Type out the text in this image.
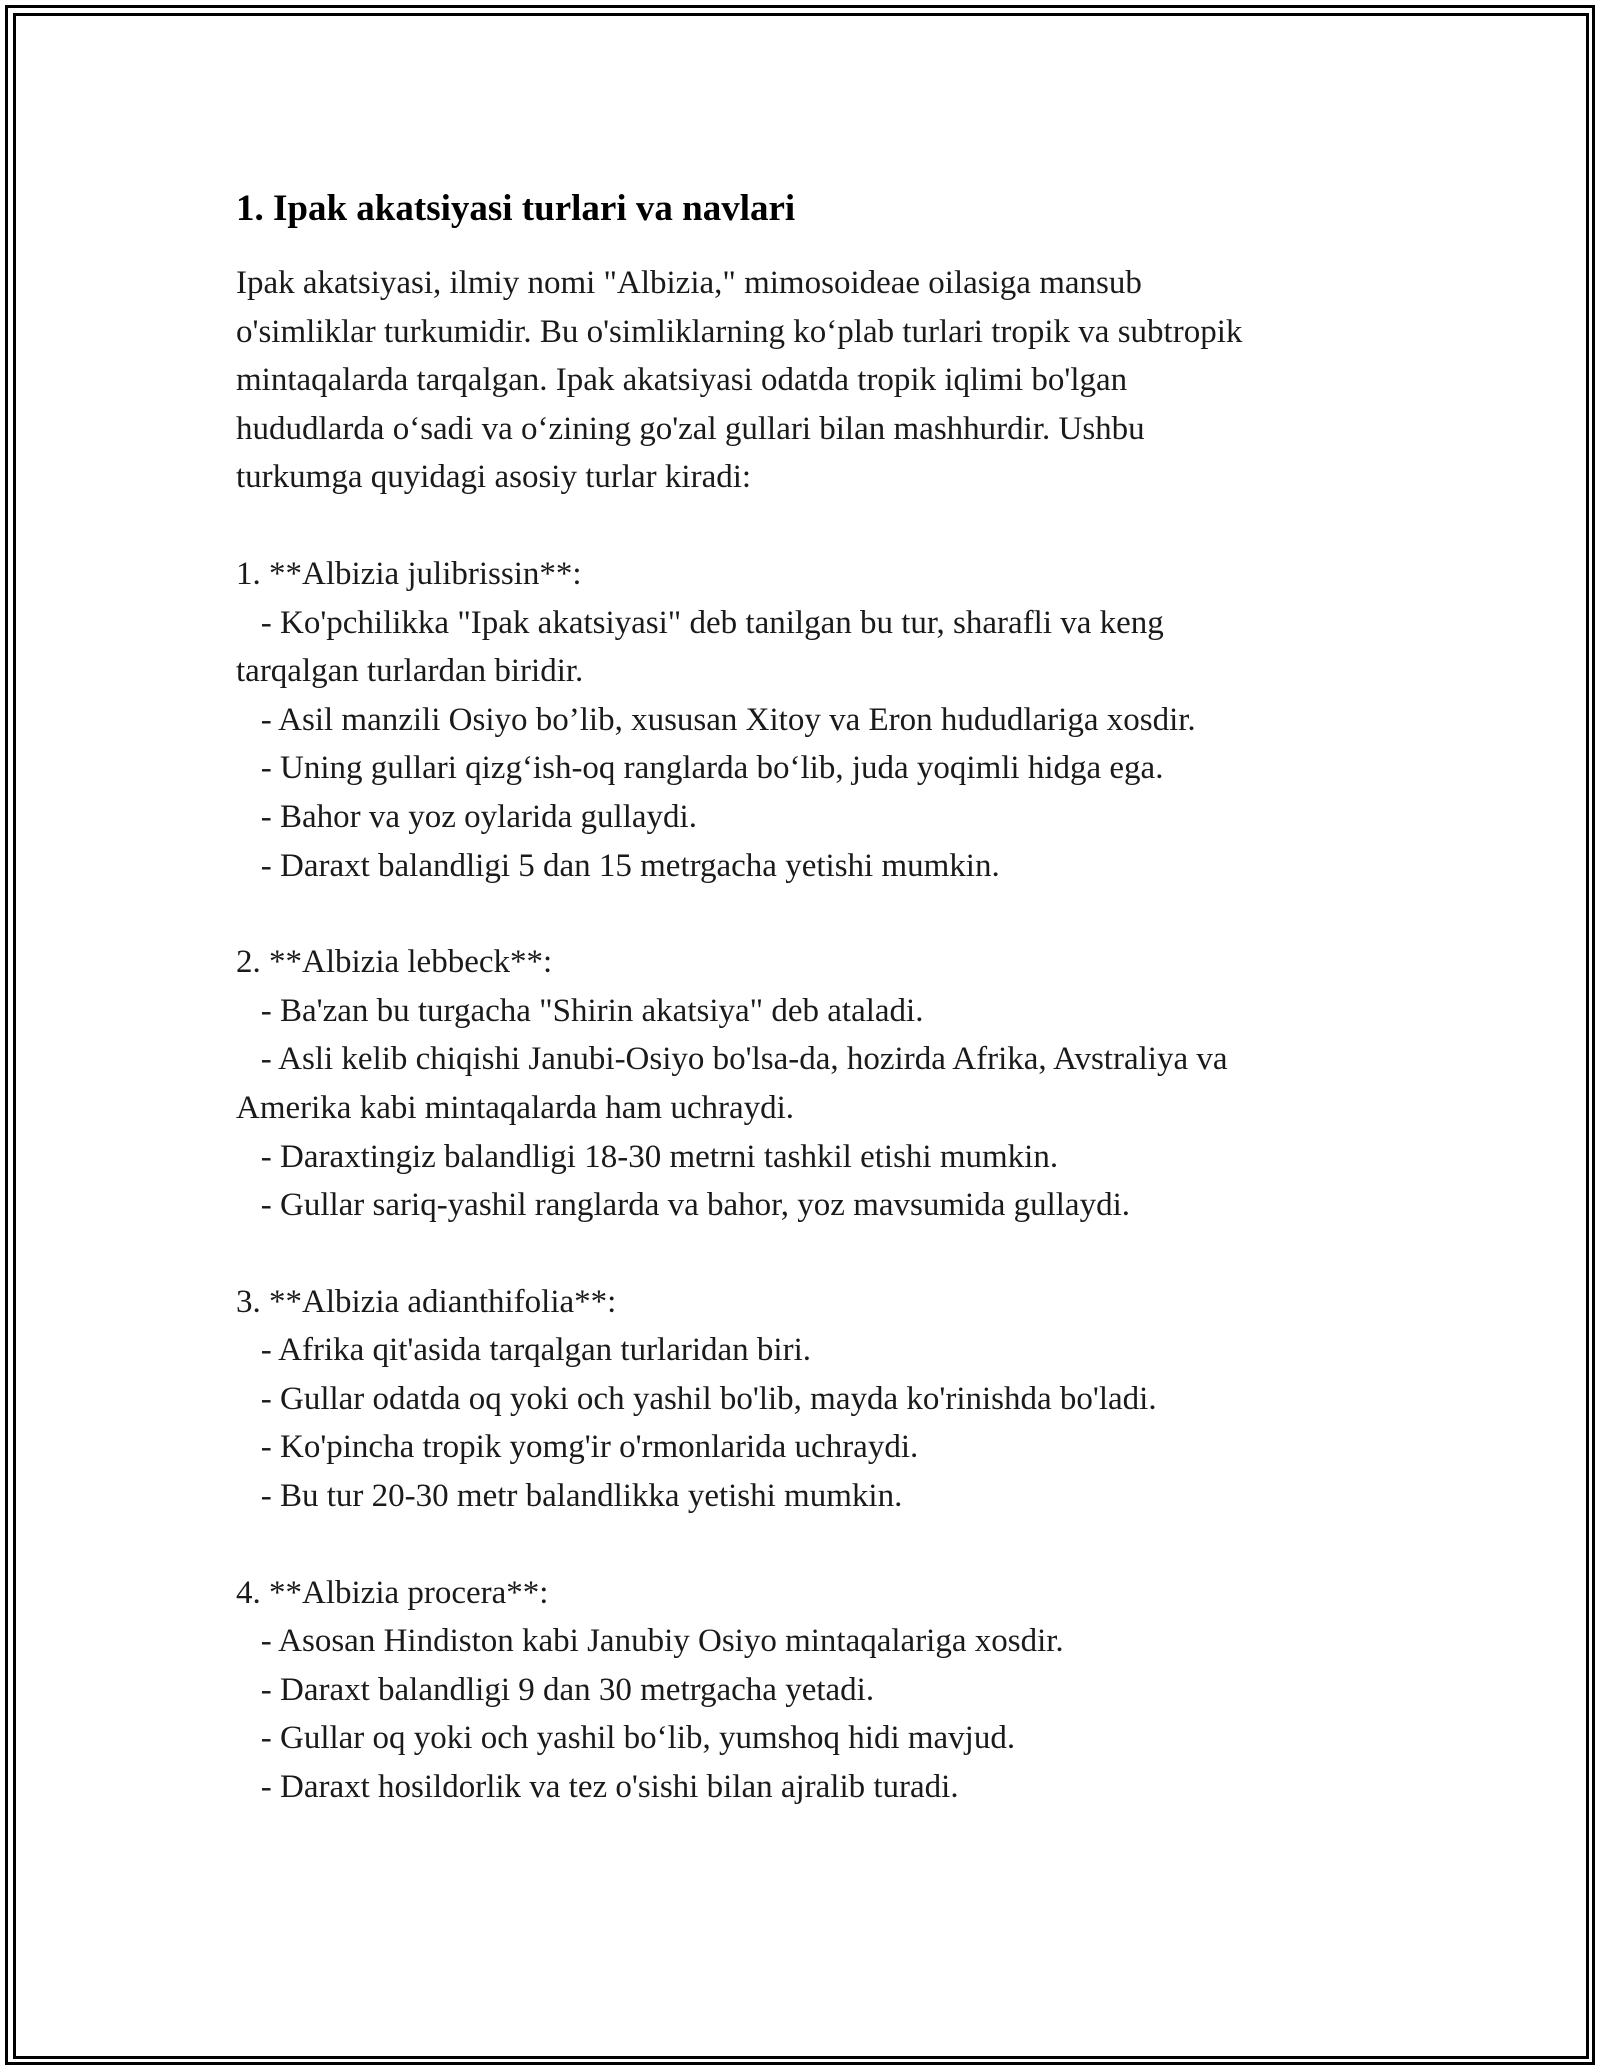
1. Ipak akatsiyasi turlari va navlari
Ipak akatsiyasi, ilmiy nomi "Albizia," mimosoideae oilasiga mansub
o'simliklar turkumidir. Bu o'simliklarning ko‘plab turlari tropik va subtropik
mintaqalarda tarqalgan. Ipak akatsiyasi odatda tropik iqlimi bo'lgan
hududlarda o‘sadi va o‘zining go'zal gullari bilan mashhurdir. Ushbu
turkumga quyidagi asosiy turlar kiradi:
1. **Albizia julibrissin**:
- Ko'pchilikka "Ipak akatsiyasi" deb tanilgan bu tur, sharafli va keng
tarqalgan turlardan biridir.
- Asil manzili Osiyo bo’lib, xususan Xitoy va Eron hududlariga xosdir.
- Uning gullari qizg‘ish-oq ranglarda bo‘lib, juda yoqimli hidga ega.
- Bahor va yoz oylarida gullaydi.
- Daraxt balandligi 5 dan 15 metrgacha yetishi mumkin.
2. **Albizia lebbeck**:
- Ba'zan bu turgacha "Shirin akatsiya" deb ataladi.
- Asli kelib chiqishi Janubi-Osiyo bo'lsa-da, hozirda Afrika, Avstraliya va
Amerika kabi mintaqalarda ham uchraydi.
- Daraxtingiz balandligi 18-30 metrni tashkil etishi mumkin.
- Gullar sariq-yashil ranglarda va bahor, yoz mavsumida gullaydi.
3. **Albizia adianthifolia**:
- Afrika qit'asida tarqalgan turlaridan biri.
- Gullar odatda oq yoki och yashil bo'lib, mayda ko'rinishda bo'ladi.
- Ko'pincha tropik yomg'ir o'rmonlarida uchraydi.
- Bu tur 20-30 metr balandlikka yetishi mumkin.
4. **Albizia procera**:
- Asosan Hindiston kabi Janubiy Osiyo mintaqalariga xosdir.
- Daraxt balandligi 9 dan 30 metrgacha yetadi.
- Gullar oq yoki och yashil bo‘lib, yumshoq hidi mavjud.
- Daraxt hosildorlik va tez o'sishi bilan ajralib turadi.
